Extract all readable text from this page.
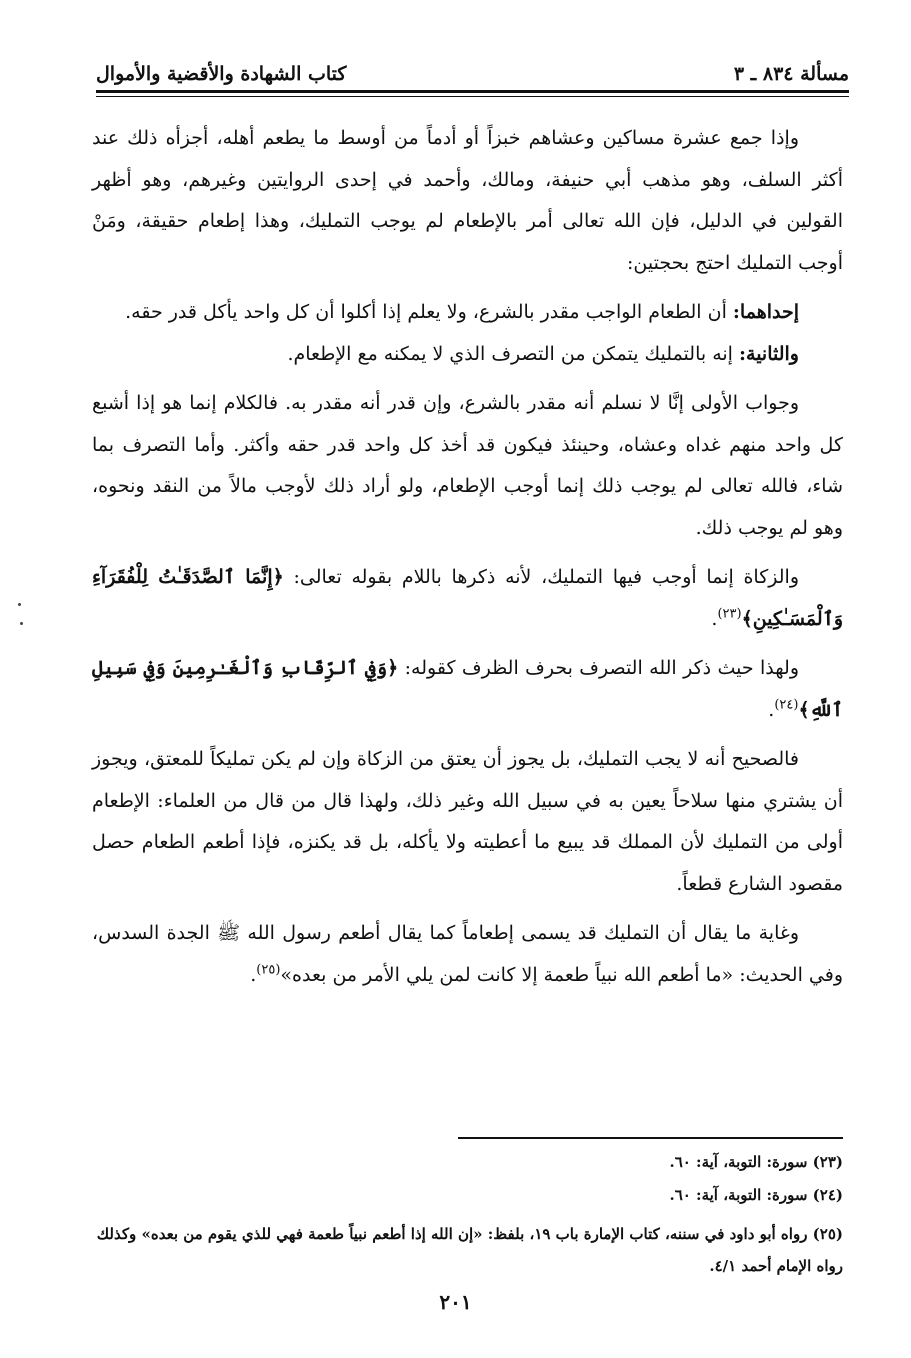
مسألة ٨٣٤ ـ ٣
كتاب الشهادة والأقضية والأموال

وإذا جمع عشرة مساكين وعشاهم خبزاً أو أدماً من أوسط ما يطعم أهله، أجزأه ذلك عند أكثر السلف، وهو مذهب أبي حنيفة، ومالك، وأحمد في إحدى الروايتين وغيرهم، وهو أظهر القولين في الدليل، فإن الله تعالى أمر بالإطعام لم يوجب التمليك، وهذا إطعام حقيقة، ومَنْ أوجب التمليك احتج بحجتين:

إحداهما: أن الطعام الواجب مقدر بالشرع، ولا يعلم إذا أكلوا أن كل واحد يأكل قدر حقه.

والثانية: إنه بالتمليك يتمكن من التصرف الذي لا يمكنه مع الإطعام.

وجواب الأولى إنَّا لا نسلم أنه مقدر بالشرع، وإن قدر أنه مقدر به. فالكلام إنما هو إذا أشبع كل واحد منهم غداه وعشاه، وحينئذ فيكون قد أخذ كل واحد قدر حقه وأكثر. وأما التصرف بما شاء، فالله تعالى لم يوجب ذلك إنما أوجب الإطعام، ولو أراد ذلك لأوجب مالاً من النقد ونحوه، وهو لم يوجب ذلك.

والزكاة إنما أوجب فيها التمليك، لأنه ذكرها باللام بقوله تعالى: ﴿إِنَّمَا ٱلصَّدَقَـٰتُ لِلْفُقَرَآءِ وَٱلْمَسَـٰكِينِ﴾$^{(٢٣)}$.

ولهذا حيث ذكر الله التصرف بحرف الظرف كقوله: ﴿وَفِي ٱلرِّقَابِ وَٱلْغَـٰرِمِينَ وَفِي سَبِيلِ ٱللَّهِ﴾$^{(٢٤)}$.

فالصحيح أنه لا يجب التمليك، بل يجوز أن يعتق من الزكاة وإن لم يكن تمليكاً للمعتق، ويجوز أن يشتري منها سلاحاً يعين به في سبيل الله وغير ذلك، ولهذا قال من قال من العلماء: الإطعام أولى من التمليك لأن المملك قد يبيع ما أعطيته ولا يأكله، بل قد يكنزه، فإذا أطعم الطعام حصل مقصود الشارع قطعاً.

وغاية ما يقال أن التمليك قد يسمى إطعاماً كما يقال أطعم رسول الله ﷺ الجدة السدس، وفي الحديث: «ما أطعم الله نبياً طعمة إلا كانت لمن يلي الأمر من بعده»$^{(٢٥)}$.

(٢٣) سورة: التوبة، آية: ٦٠.

(٢٤) سورة: التوبة، آية: ٦٠.

(٢٥) رواه أبو داود في سننه، كتاب الإمارة باب ١٩، بلفظ: «إن الله إذا أطعم نبياً طعمة فهي للذي يقوم من بعده» وكذلك رواه الإمام أحمد ٤/١.

٢٠١
